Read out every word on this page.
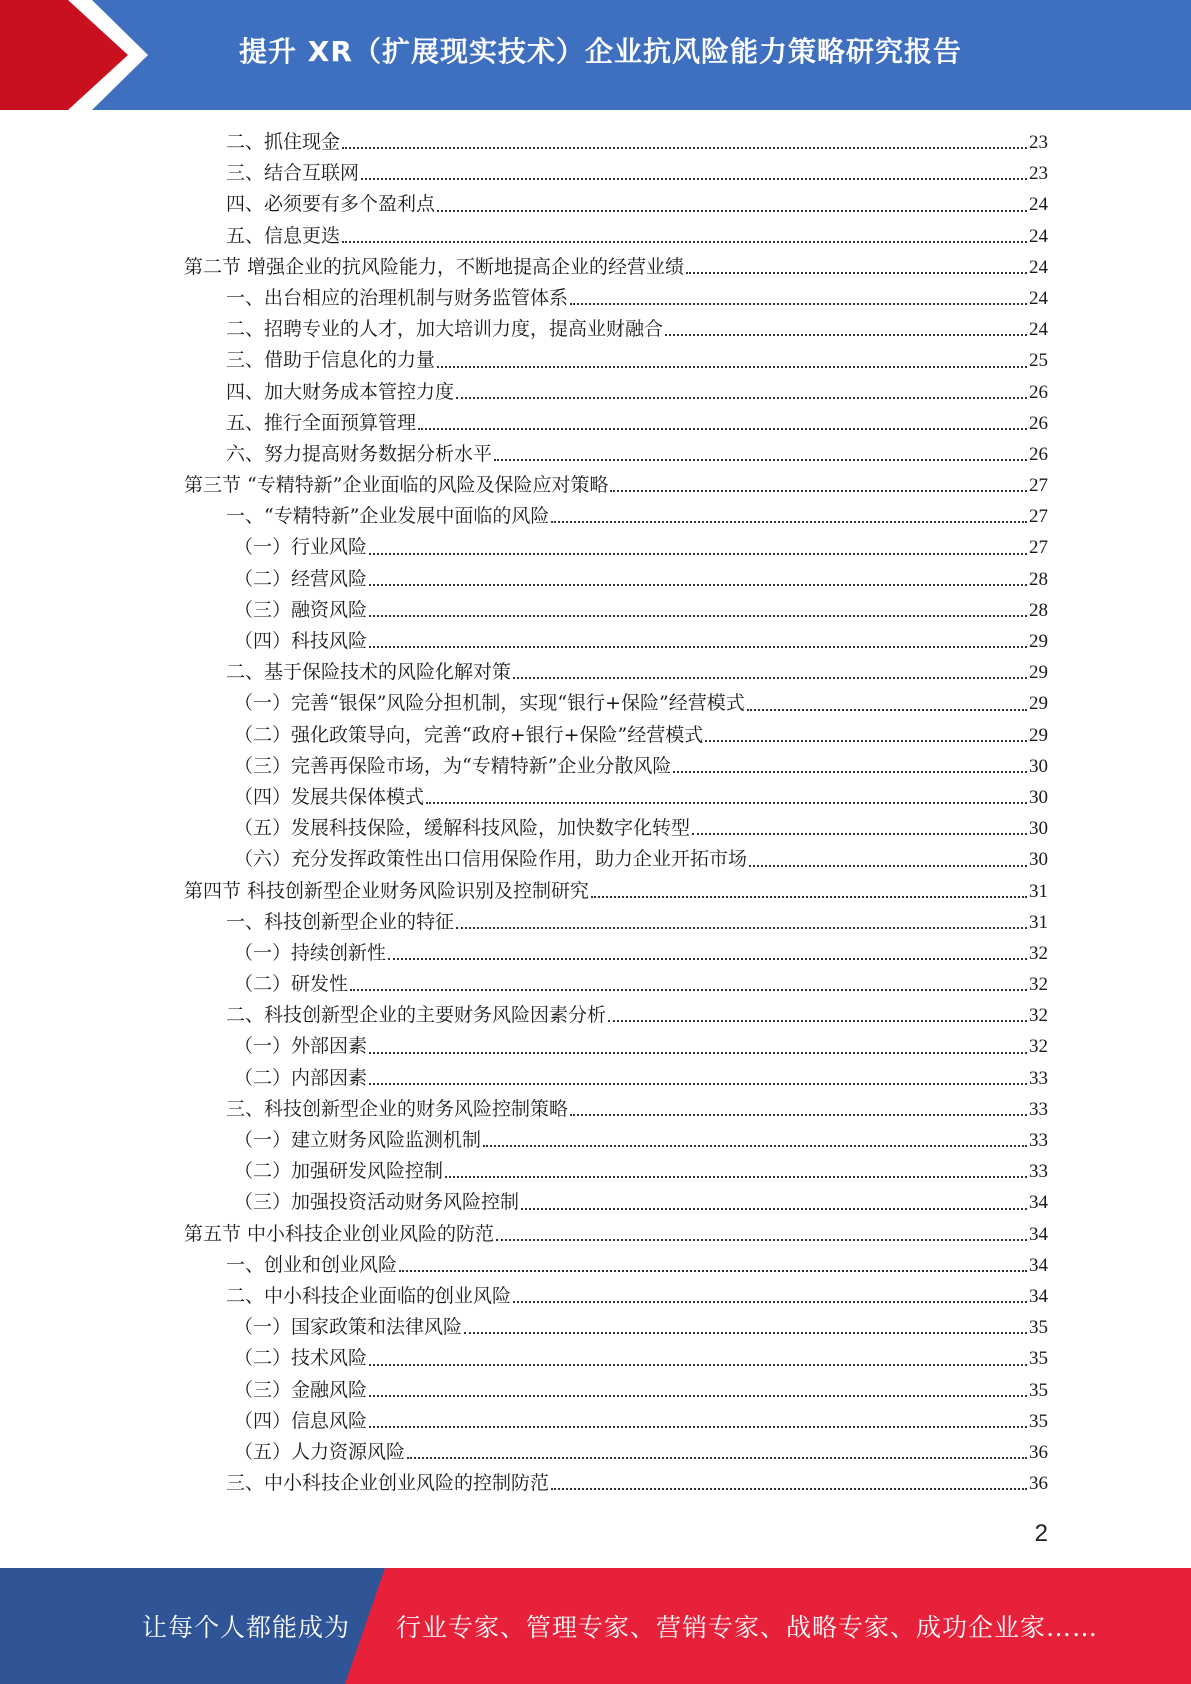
提升 XR（扩展现实技术）企业抗风险能力策略研究报告
二、抓住现金	23
三、结合互联网	23
四、必须要有多个盈利点	24
五、信息更迭	24
第二节 增强企业的抗风险能力，不断地提高企业的经营业绩	24
一、出台相应的治理机制与财务监管体系	24
二、招聘专业的人才，加大培训力度，提高业财融合	24
三、借助于信息化的力量	25
四、加大财务成本管控力度	26
五、推行全面预算管理	26
六、努力提高财务数据分析水平	26
第三节 “专精特新”企业面临的风险及保险应对策略	27
一、“专精特新”企业发展中面临的风险	27
（一）行业风险	27
（二）经营风险	28
（三）融资风险	28
（四）科技风险	29
二、基于保险技术的风险化解对策	29
（一）完善“银保”风险分担机制，实现“银行+保险”经营模式	29
（二）强化政策导向，完善“政府+银行+保险”经营模式	29
（三）完善再保险市场，为“专精特新”企业分散风险	30
（四）发展共保体模式	30
（五）发展科技保险，缓解科技风险，加快数字化转型	30
（六）充分发挥政策性出口信用保险作用，助力企业开拓市场	30
第四节 科技创新型企业财务风险识别及控制研究	31
一、科技创新型企业的特征	31
（一）持续创新性	32
（二）研发性	32
二、科技创新型企业的主要财务风险因素分析	32
（一）外部因素	32
（二）内部因素	33
三、科技创新型企业的财务风险控制策略	33
（一）建立财务风险监测机制	33
（二）加强研发风险控制	33
（三）加强投资活动财务风险控制	34
第五节 中小科技企业创业风险的防范	34
一、创业和创业风险	34
二、中小科技企业面临的创业风险	34
（一）国家政策和法律风险	35
（二）技术风险	35
（三）金融风险	35
（四）信息风险	35
（五）人力资源风险	36
三、中小科技企业创业风险的控制防范	36
2
让每个人都能成为 行业专家、管理专家、营销专家、战略专家、成功企业家……
